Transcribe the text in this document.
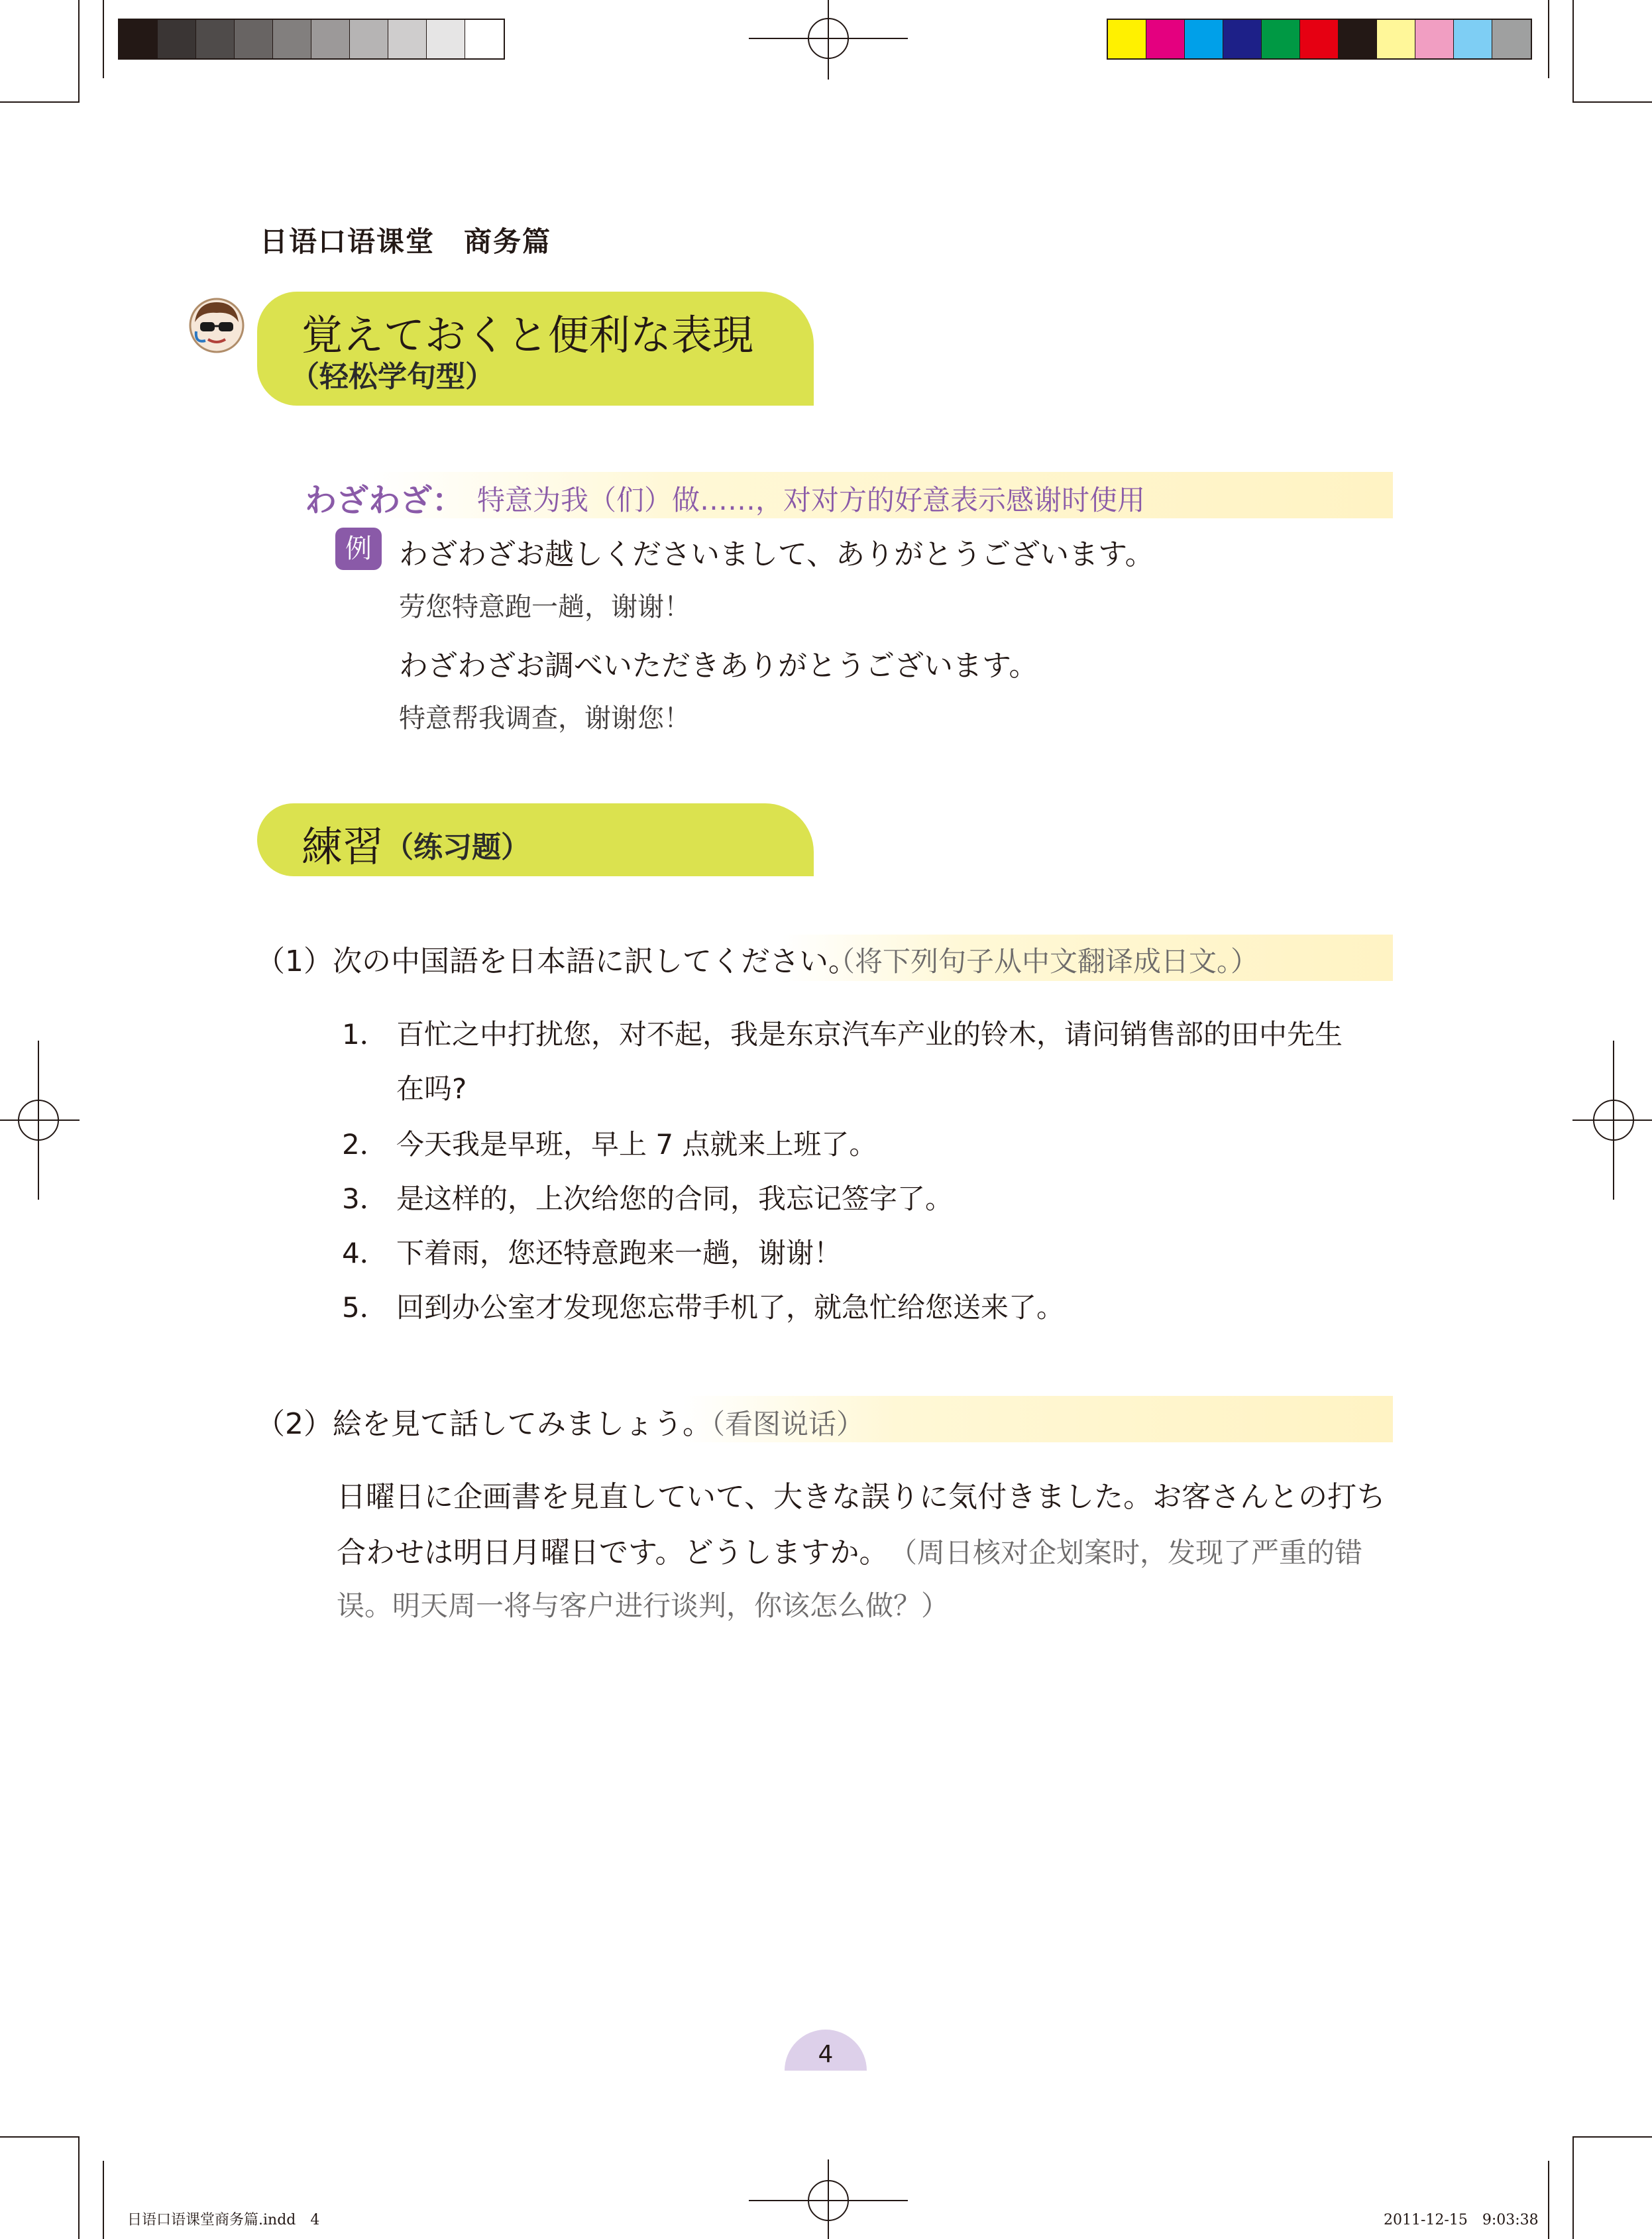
日语口语课堂　商务篇
覚えておくと便利な表現
（轻松学句型）
わざわざ： 特意为我（们）做……，对对方的好意表示感谢时使用
例 わざわざお越しくださいまして、ありがとうございます。
劳您特意跑一趟，谢谢！
わざわざお調べいただきありがとうございます。
特意帮我调查，谢谢您！
練習 （练习题）
（1）次の中国語を日本語に訳してください。
（将下列句子从中文翻译成日文。）
1． 百忙之中打扰您，对不起，我是东京汽车产业的铃木，请问销售部的田中先生
在吗?
2． 今天我是早班，早上 7 点就来上班了。
3． 是这样的，上次给您的合同，我忘记签字了。
4． 下着雨，您还特意跑来一趟，谢谢！
5． 回到办公室才发现您忘带手机了，就急忙给您送来了。
（2）絵を見て話してみましょう。
（看图说话）
日曜日に企画書を見直していて、大きな誤りに気付きました。お客さんとの打ち
合わせは明日月曜日です。どうしますか。 （周日核对企划案时，发现了严重的错
误。明天周一将与客户进行谈判，你该怎么做？）
4
日语口语课堂商务篇.indd　4	2011-12-15　9:03:38
